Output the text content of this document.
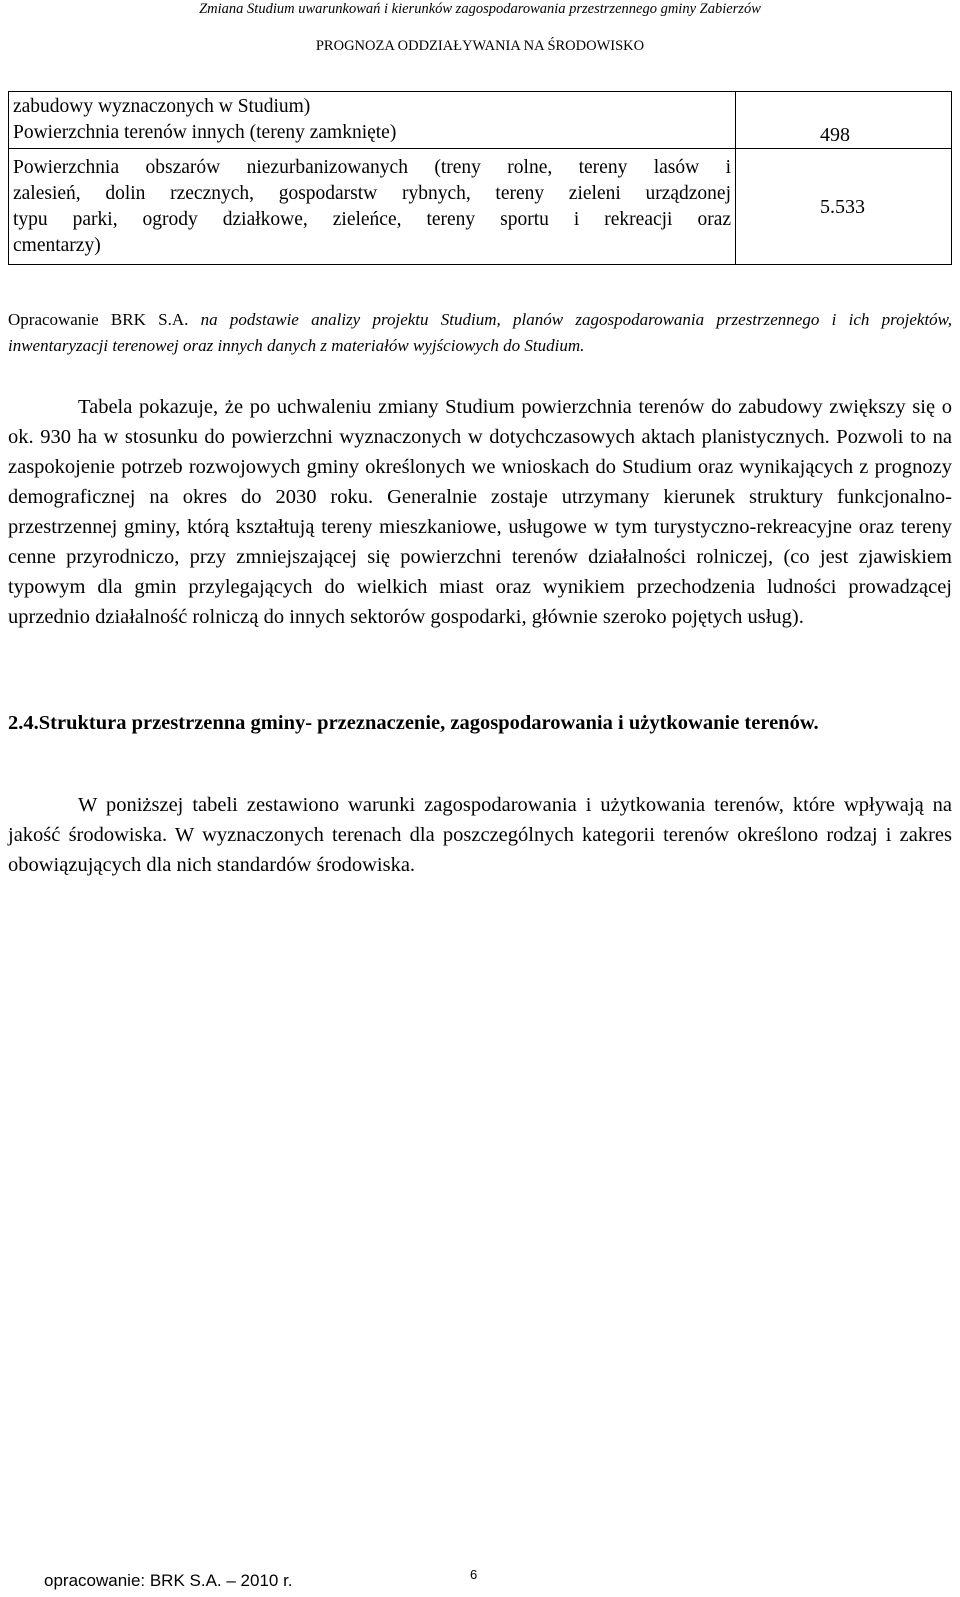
Zmiana Studium uwarunkowań i kierunków zagospodarowania przestrzennego gminy Zabierzów
PROGNOZA ODDZIAŁYWANIA NA ŚRODOWISKO
zabudowy wyznaczonych w Studium)
Powierzchnia terenów innych (tereny zamknięte)	498

Powierzchnia obszarów niezurbanizowanych (treny rolne, tereny lasów i
zalesień, dolin rzecznych, gospodarstw rybnych, tereny zieleni urządzonej
typu parki, ogrody działkowe, zieleńce, tereny sportu i rekreacji oraz
cmentarzy)	5.533
Opracowanie BRK S.A. na podstawie analizy projektu Studium, planów zagospodarowania przestrzennego i ich projektów, inwentaryzacji terenowej oraz innych danych z materiałów wyjściowych do Studium.
Tabela pokazuje, że po uchwaleniu zmiany Studium powierzchnia terenów do zabudowy zwiększy się o ok. 930 ha w stosunku do powierzchni wyznaczonych w dotychczasowych aktach planistycznych. Pozwoli to na zaspokojenie potrzeb rozwojowych gminy określonych we wnioskach do Studium oraz wynikających z prognozy demograficznej na okres do 2030 roku. Generalnie zostaje utrzymany kierunek struktury funkcjonalno-przestrzennej gminy, którą kształtują tereny mieszkaniowe, usługowe w tym turystyczno-rekreacyjne oraz tereny cenne przyrodniczo, przy zmniejszającej się powierzchni terenów działalności rolniczej, (co jest zjawiskiem typowym dla gmin przylegających do wielkich miast oraz wynikiem przechodzenia ludności prowadzącej uprzednio działalność rolniczą do innych sektorów gospodarki, głównie szeroko pojętych usług).
2.4.Struktura przestrzenna gminy- przeznaczenie, zagospodarowania i użytkowanie terenów.
W poniższej tabeli zestawiono warunki zagospodarowania i użytkowania terenów, które wpływają na jakość środowiska. W wyznaczonych terenach dla poszczególnych kategorii terenów określono rodzaj i zakres obowiązujących dla nich standardów środowiska.
opracowanie: BRK S.A. – 2010 r.	6
